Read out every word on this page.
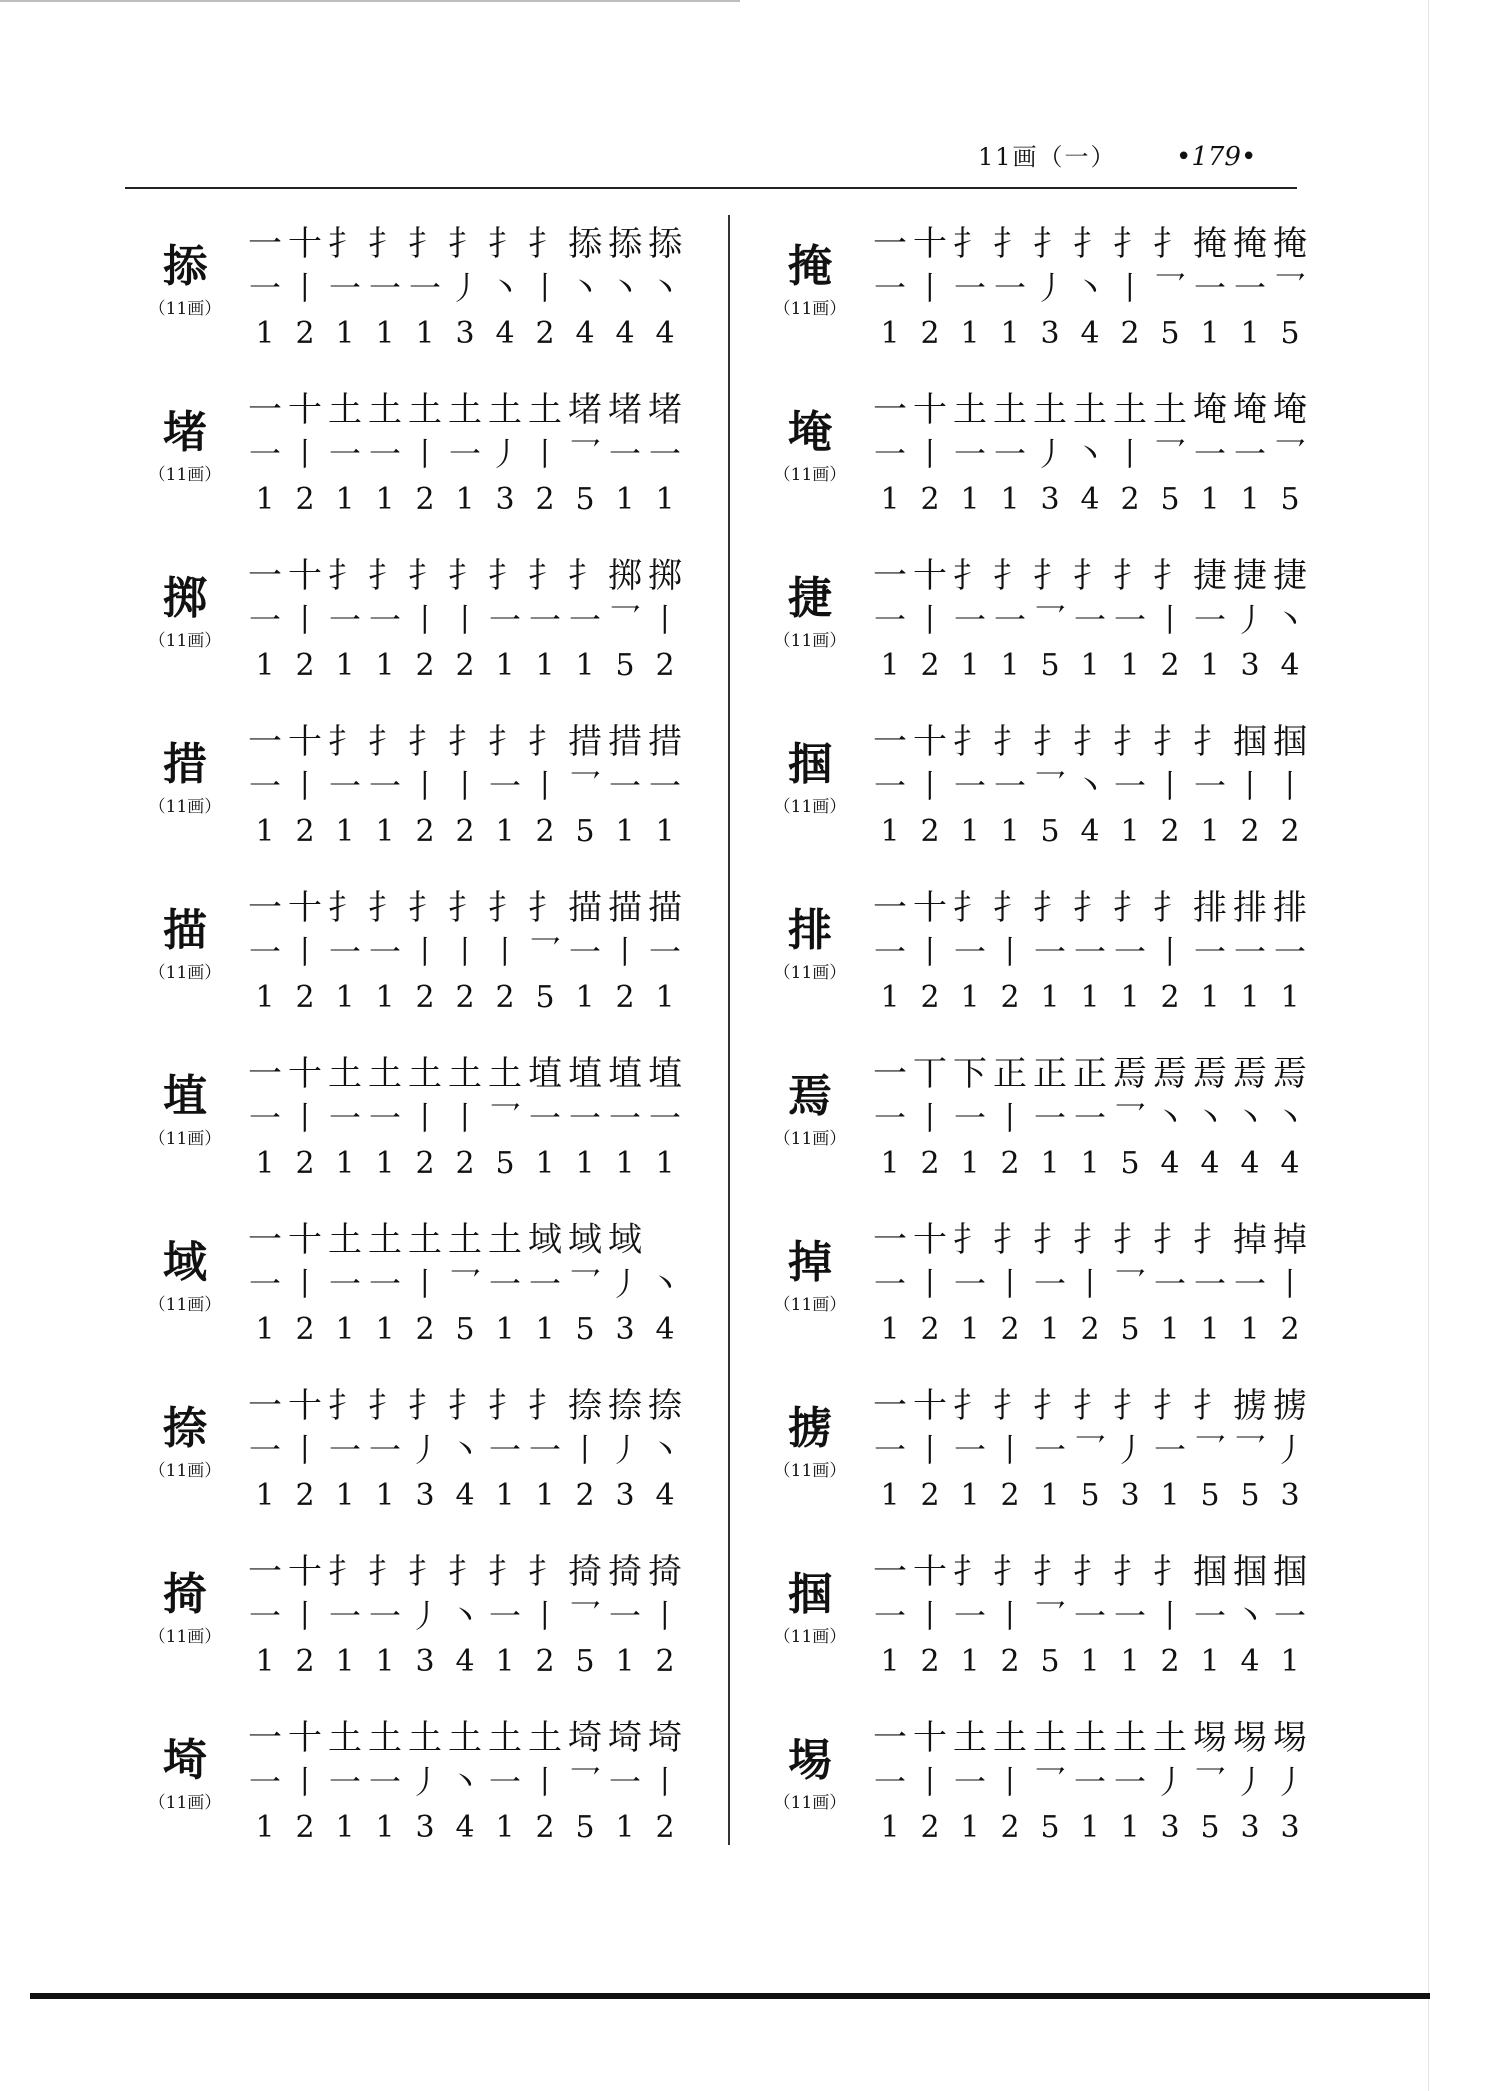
11画（一）	•179•
掭
（11画）
一 十 扌 扌 扌 扌 扌 扌 掭 掭 掭
一 丨 一 一 一 丿 丶 丨 丶 丶 丶
1 2 1 1 1 3 4 2 4 4 4
堵
（11画）
一 十 土 土 土 土 土 土 堵 堵 堵
一 丨 一 一 丨 一 丿 丨 乛 一 一
1 2 1 1 2 1 3 2 5 1 1
掷
（11画）
一 十 扌 扌 扌 扌 扌 扌 扌 掷 掷
一 丨 一 一 丨 丨 一 一 一 乛 丨
1 2 1 1 2 2 1 1 1 5 2
措
（11画）
一 十 扌 扌 扌 扌 扌 扌 措 措 措
一 丨 一 一 丨 丨 一 丨 乛 一 一
1 2 1 1 2 2 1 2 5 1 1
描
（11画）
一 十 扌 扌 扌 扌 扌 扌 描 描 描
一 丨 一 一 丨 丨 丨 乛 一 丨 一
1 2 1 1 2 2 2 5 1 2 1
埴
（11画）
一 十 土 土 土 土 土 埴 埴 埴 埴
一 丨 一 一 丨 丨 乛 一 一 一 一
1 2 1 1 2 2 5 1 1 1 1
域
（11画）
一 十 土 土 土 土 土 域 域 域
一 丨 一 一 丨 乛 一 一 乛 丿 丶
1 2 1 1 2 5 1 1 5 3 4
捺
（11画）
一 十 扌 扌 扌 扌 扌 扌 捺 捺 捺
一 丨 一 一 丿 丶 一 一 丨 丿 丶
1 2 1 1 3 4 1 1 2 3 4
掎
（11画）
一 十 扌 扌 扌 扌 扌 扌 掎 掎 掎
一 丨 一 一 丿 丶 一 丨 乛 一 丨
1 2 1 1 3 4 1 2 5 1 2
埼
（11画）
一 十 土 土 土 土 土 土 埼 埼 埼
一 丨 一 一 丿 丶 一 丨 乛 一 丨
1 2 1 1 3 4 1 2 5 1 2
掩
（11画）
一 十 扌 扌 扌 扌 扌 扌 掩 掩 掩
一 丨 一 一 丿 丶 丨 乛 一 一 乛
1 2 1 1 3 4 2 5 1 1 5
埯
（11画）
一 十 土 土 土 土 土 土 埯 埯 埯
一 丨 一 一 丿 丶 丨 乛 一 一 乛
1 2 1 1 3 4 2 5 1 1 5
捷
（11画）
一 十 扌 扌 扌 扌 扌 扌 捷 捷 捷
一 丨 一 一 乛 一 一 丨 一 丿 丶
1 2 1 1 5 1 1 2 1 3 4
掴
（11画）
一 十 扌 扌 扌 扌 扌 扌 扌 掴 掴
一 丨 一 一 乛 丶 一 丨 一 丨 丨
1 2 1 1 5 4 1 2 1 2 2
排
（11画）
一 十 扌 扌 扌 扌 扌 扌 排 排 排
一 丨 一 丨 一 一 一 丨 一 一 一
1 2 1 2 1 1 1 2 1 1 1
焉
（11画）
一 丅 下 正 正 正 焉 焉 焉 焉 焉
一 丨 一 丨 一 一 乛 丶 丶 丶 丶
1 2 1 2 1 1 5 4 4 4 4
掉
（11画）
一 十 扌 扌 扌 扌 扌 扌 扌 掉 掉
一 丨 一 丨 一 丨 乛 一 一 一 丨
1 2 1 2 1 2 5 1 1 1 2
掳
（11画）
一 十 扌 扌 扌 扌 扌 扌 扌 掳 掳
一 丨 一 丨 一 乛 丿 一 乛 乛 丿
1 2 1 2 1 5 3 1 5 5 3
掴
（11画）
一 十 扌 扌 扌 扌 扌 扌 掴 掴 掴
一 丨 一 丨 乛 一 一 丨 一 丶 一
1 2 1 2 5 1 1 2 1 4 1
埸
（11画）
一 十 土 土 土 土 土 土 埸 埸 埸
一 丨 一 丨 乛 一 一 丿 乛 丿 丿
1 2 1 2 5 1 1 3 5 3 3
